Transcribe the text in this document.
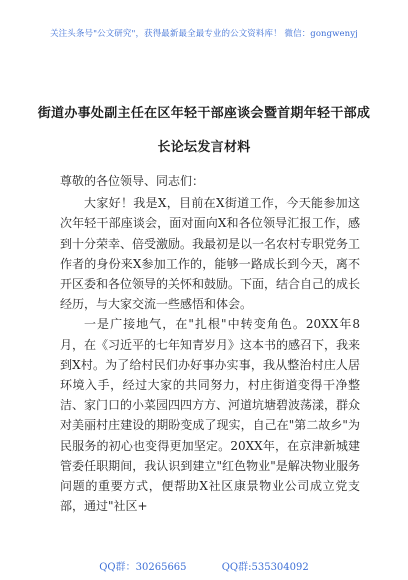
关注头条号"公文研究"，获得最新最全最专业的公文资料库！ 微信：gongwenyj
街道办事处副主任在区年轻干部座谈会暨首期年轻干部成
长论坛发言材料

尊敬的各位领导、同志们：

大家好！我是X，目前在X街道工作，今天能参加这次年轻干部座谈会，面对面向X和各位领导汇报工作，感到十分荣幸、倍受激励。我最初是以一名农村专职党务工作者的身份来X参加工作的，能够一路成长到今天，离不开区委和各位领导的关怀和鼓励。下面，结合自己的成长经历，与大家交流一些感悟和体会。

一是广接地气，在"扎根"中转变角色。20XX年8月，在《习近平的七年知青岁月》这本书的感召下，我来到X村。为了给村民们办好事办实事，我从整治村庄人居环境入手，经过大家的共同努力，村庄街道变得干净整洁、家门口的小菜园四四方方、河道坑塘碧波荡漾，群众对美丽村庄建设的期盼变成了现实，自己在"第二故乡"为民服务的初心也变得更加坚定。20XX年，在京津新城建管委任职期间，我认识到建立"红色物业"是解决物业服务问题的重要方式，便帮助X社区康景物业公司成立党支部，通过"社区+

QQ群：30265665	QQ群:535304092
